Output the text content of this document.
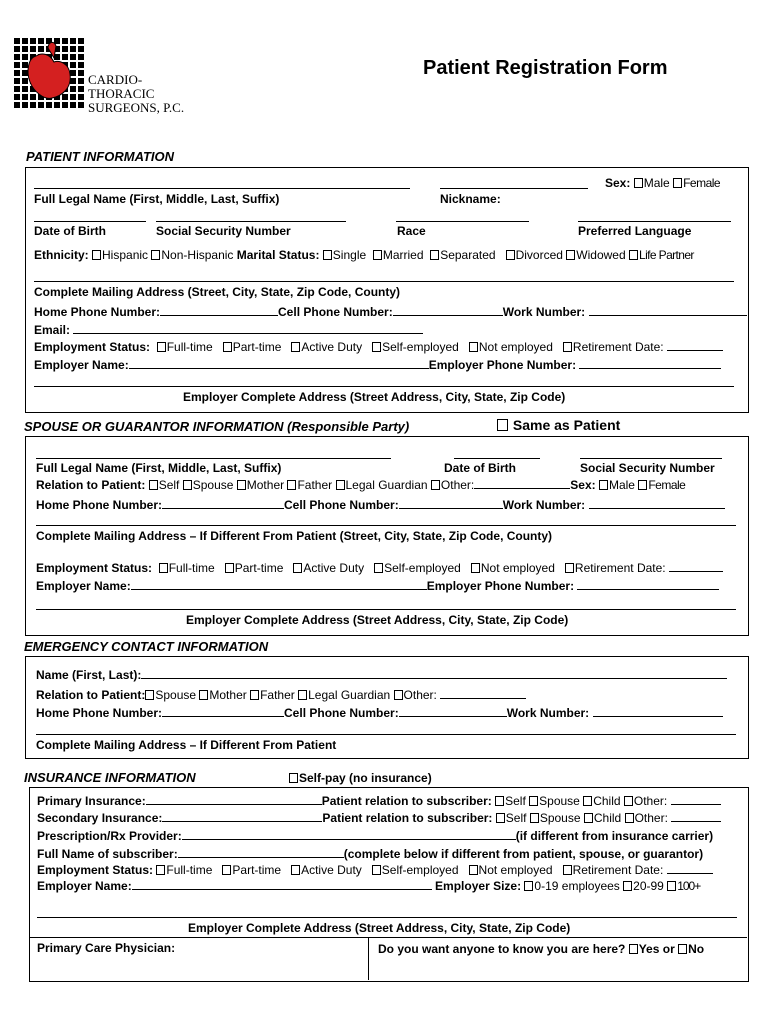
CARDIO-
THORACIC
SURGEONS, P.C.
Patient Registration Form
PATIENT INFORMATION
Sex: Male Female
Full Legal Name (First, Middle, Last, Suffix)	Nickname:
Date of Birth	Social Security Number	Race	Preferred Language
Ethnicity: Hispanic Non-Hispanic Marital Status: Single Married Separated Divorced Widowed Life Partner
Complete Mailing Address (Street, City, State, Zip Code, County)
Home Phone Number:	Cell Phone Number:	Work Number:
Email:
Employment Status: Full-time Part-time Active Duty Self-employed Not employed Retirement Date:
Employer Name:	Employer Phone Number:
Employer Complete Address (Street Address, City, State, Zip Code)
SPOUSE OR GUARANTOR INFORMATION (Responsible Party)	Same as Patient
Full Legal Name (First, Middle, Last, Suffix)	Date of Birth	Social Security Number
Relation to Patient: Self Spouse Mother Father Legal Guardian Other:	Sex: Male Female
Home Phone Number:	Cell Phone Number:	Work Number:
Complete Mailing Address – If Different From Patient (Street, City, State, Zip Code, County)
Employment Status: Full-time Part-time Active Duty Self-employed Not employed Retirement Date:
Employer Name:	Employer Phone Number:
Employer Complete Address (Street Address, City, State, Zip Code)
EMERGENCY CONTACT INFORMATION
Name (First, Last):
Relation to Patient: Spouse Mother Father Legal Guardian Other:
Home Phone Number:	Cell Phone Number:	Work Number:
Complete Mailing Address – If Different From Patient
INSURANCE INFORMATION	Self-pay (no insurance)
Primary Insurance:	Patient relation to subscriber: Self Spouse Child Other:
Secondary Insurance:	Patient relation to subscriber: Self Spouse Child Other:
Prescription/Rx Provider:	(if different from insurance carrier)
Full Name of subscriber:	(complete below if different from patient, spouse, or guarantor)
Employment Status: Full-time Part-time Active Duty Self-employed Not employed Retirement Date:
Employer Name:	Employer Size: 0-19 employees 20-99 100+
Employer Complete Address (Street Address, City, State, Zip Code)
Primary Care Physician:	Do you want anyone to know you are here? Yes or No
